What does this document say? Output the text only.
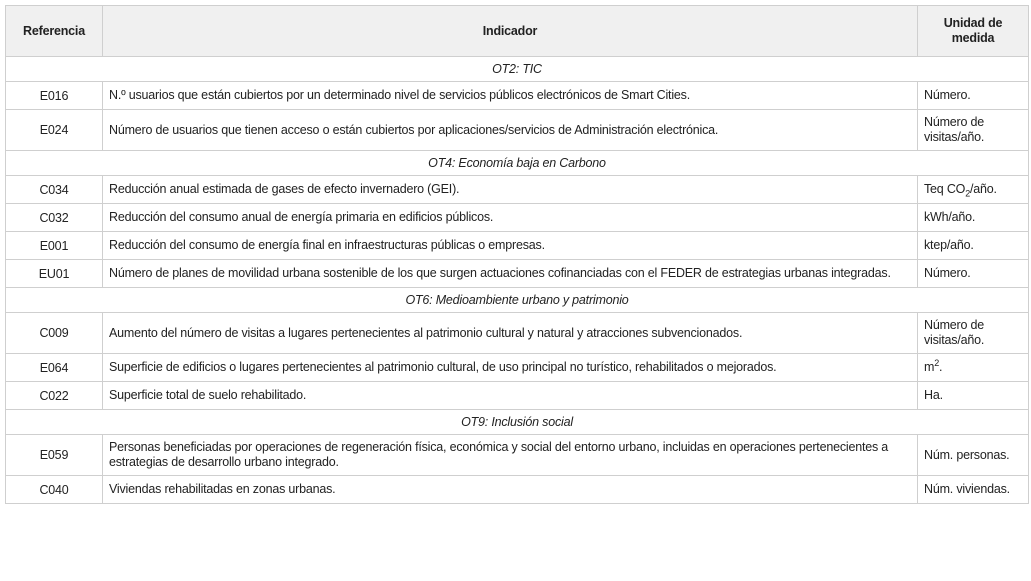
Referencia	Indicador	Unidad de medida
OT2: TIC		
E016	N.º usuarios que están cubiertos por un determinado nivel de servicios públicos electrónicos de Smart Cities.	Número.
E024	Número de usuarios que tienen acceso o están cubiertos por aplicaciones/servicios de Administración electrónica.	Número de visitas/año.
OT4: Economía baja en Carbono		
C034	Reducción anual estimada de gases de efecto invernadero (GEI).	Teq $CO_2$/año.
C032	Reducción del consumo anual de energía primaria en edificios públicos.	kWh/año.
E001	Reducción del consumo de energía final en infraestructuras públicas o empresas.	ktep/año.
EU01	Número de planes de movilidad urbana sostenible de los que surgen actuaciones cofinanciadas con el FEDER de estrategias urbanas integradas.	Número.
OT6: Medioambiente urbano y patrimonio		
C009	Aumento del número de visitas a lugares pertenecientes al patrimonio cultural y natural y atracciones subvencionados.	Número de visitas/año.
E064	Superficie de edificios o lugares pertenecientes al patrimonio cultural, de uso principal no turístico, rehabilitados o mejorados.	$m^2$.
C022	Superficie total de suelo rehabilitado.	Ha.
OT9: Inclusión social		
E059	Personas beneficiadas por operaciones de regeneración física, económica y social del entorno urbano, incluidas en operaciones pertenecientes a estrategias de desarrollo urbano integrado.	Núm. personas.
C040	Viviendas rehabilitadas en zonas urbanas.	Núm. viviendas.
